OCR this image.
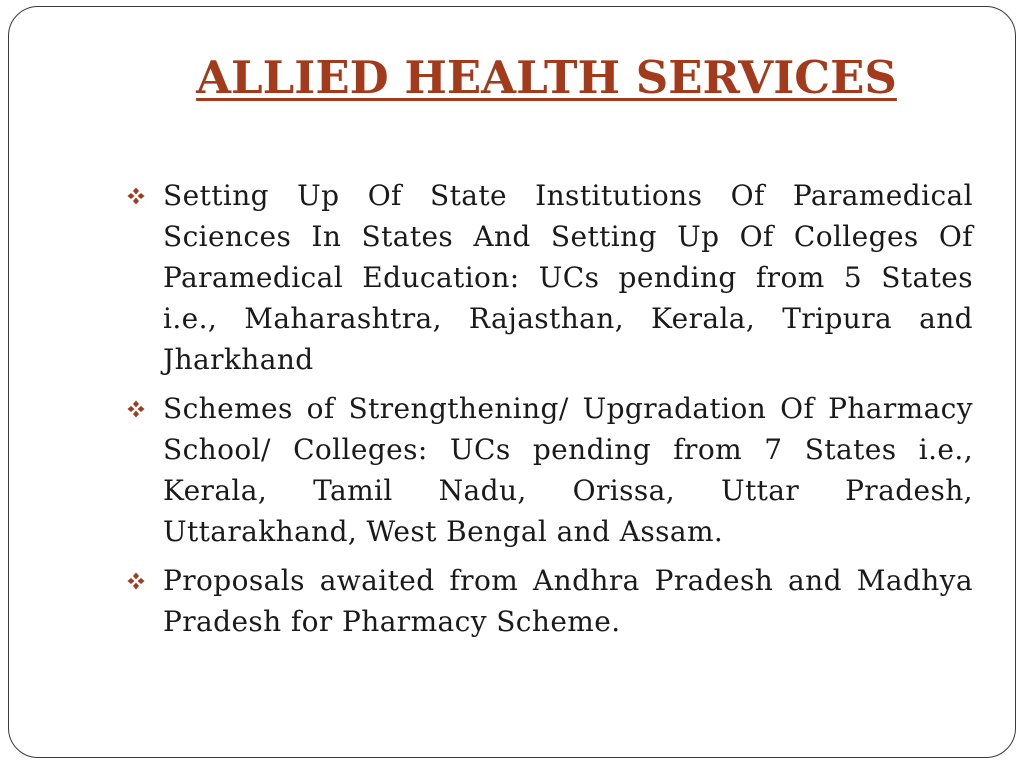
ALLIED HEALTH SERVICES
Setting Up Of State Institutions Of Paramedical Sciences In States And Setting Up Of Colleges Of Paramedical Education: UCs pending from 5 States i.e., Maharashtra, Rajasthan, Kerala, Tripura and Jharkhand
Schemes of Strengthening/ Upgradation Of Pharmacy School/ Colleges: UCs pending from 7 States i.e., Kerala, Tamil Nadu, Orissa, Uttar Pradesh, Uttarakhand, West Bengal and Assam.
Proposals awaited from Andhra Pradesh and Madhya Pradesh for Pharmacy Scheme.
